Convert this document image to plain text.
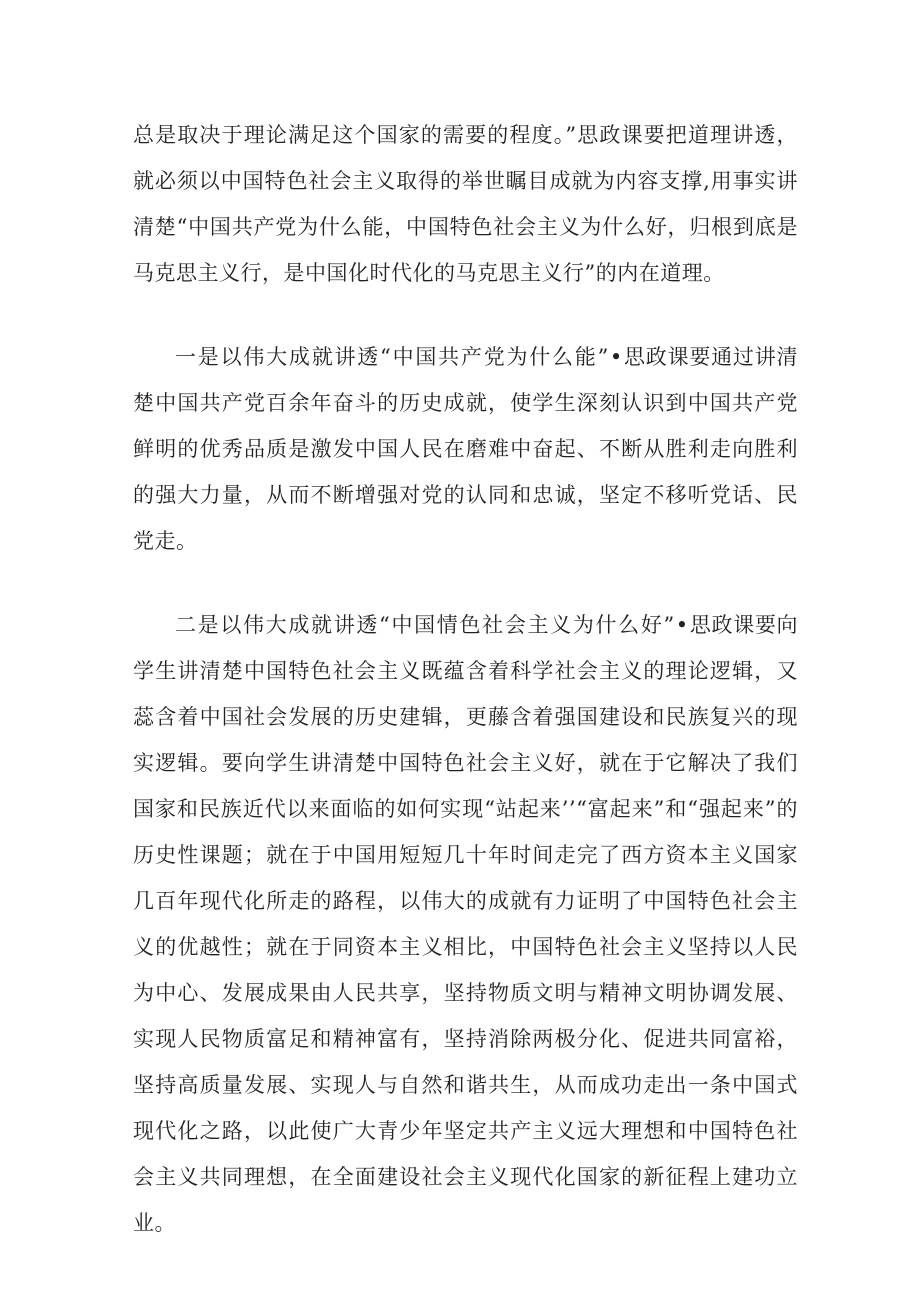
总是取决于理论满足这个国家的需要的程度。”思政课要把道理讲透，就必须以中国特色社会主义取得的举世瞩目成就为内容支撑,用事实讲清楚“中国共产党为什么能，中国特色社会主义为什么好，归根到底是马克思主义行，是中国化时代化的马克思主义行”的内在道理。

一是以伟大成就讲透“中国共产党为什么能”•思政课要通过讲清楚中国共产党百余年奋斗的历史成就，使学生深刻认识到中国共产党鲜明的优秀品质是激发中国人民在磨难中奋起、不断从胜利走向胜利的强大力量，从而不断增强对党的认同和忠诚，坚定不移听党话、民党走。

二是以伟大成就讲透“中国情色社会主义为什么好”•思政课要向学生讲清楚中国特色社会主义既蕴含着科学社会主义的理论逻辑，又蕊含着中国社会发展的历史建辑，更藤含着强国建设和民族复兴的现实逻辑。要向学生讲清楚中国特色社会主义好，就在于它解决了我们国家和民族近代以来面临的如何实现“站起来’’“富起来”和“强起来”的历史性课题；就在于中国用短短几十年时间走完了西方资本主义国家几百年现代化所走的路程，以伟大的成就有力证明了中国特色社会主义的优越性；就在于同资本主义相比，中国特色社会主义坚持以人民为中心、发展成果由人民共享，坚持物质文明与精神文明协调发展、实现人民物质富足和精神富有，坚持消除两极分化、促进共同富裕，坚持高质量发展、实现人与自然和谐共生，从而成功走出一条中国式现代化之路，以此使广大青少年坚定共产主义远大理想和中国特色社会主义共同理想，在全面建设社会主义现代化国家的新征程上建功立业。
